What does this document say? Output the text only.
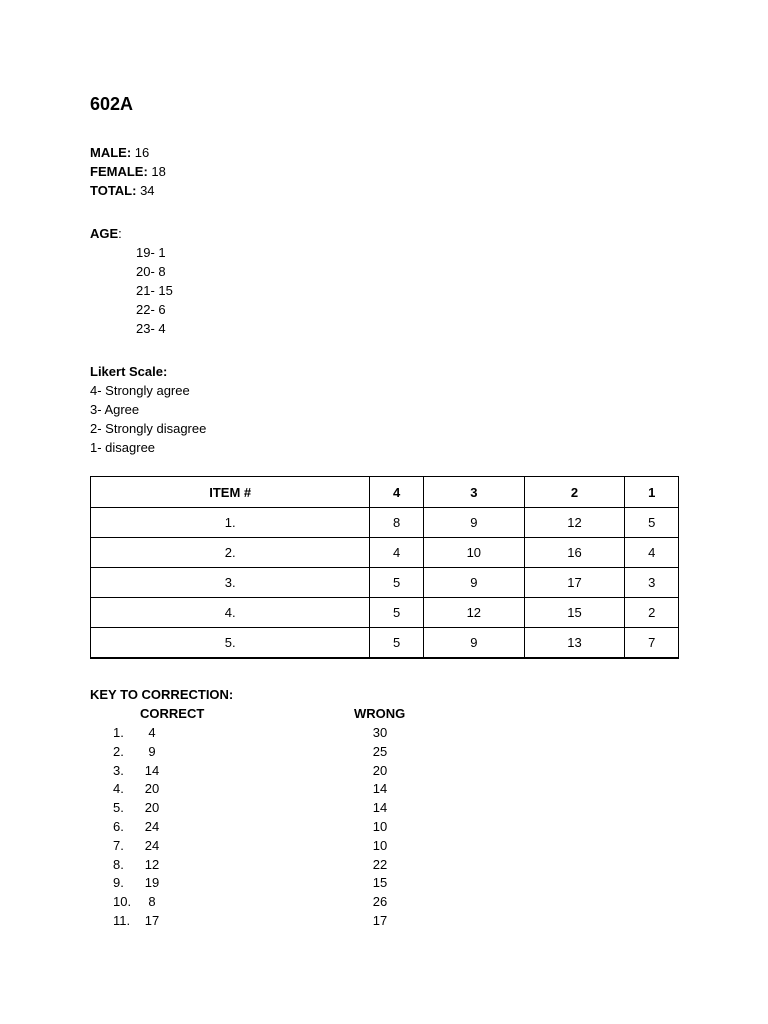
602A
MALE: 16
FEMALE: 18
TOTAL: 34
AGE:
19- 1
20- 8
21- 15
22- 6
23- 4
Likert Scale:
4- Strongly agree
3- Agree
2- Strongly disagree
1- disagree
ITEM #	4	3	2	1
1.	8	9	12	5
2.	4	10	16	4
3.	5	9	17	3
4.	5	12	15	2
5.	5	9	13	7
KEY TO CORRECTION:
CORRECT	WRONG
1.	4	30
2.	9	25
3.	14	20
4.	20	14
5.	20	14
6.	24	10
7.	24	10
8.	12	22
9.	19	15
10.	8	26
11.	17	17
